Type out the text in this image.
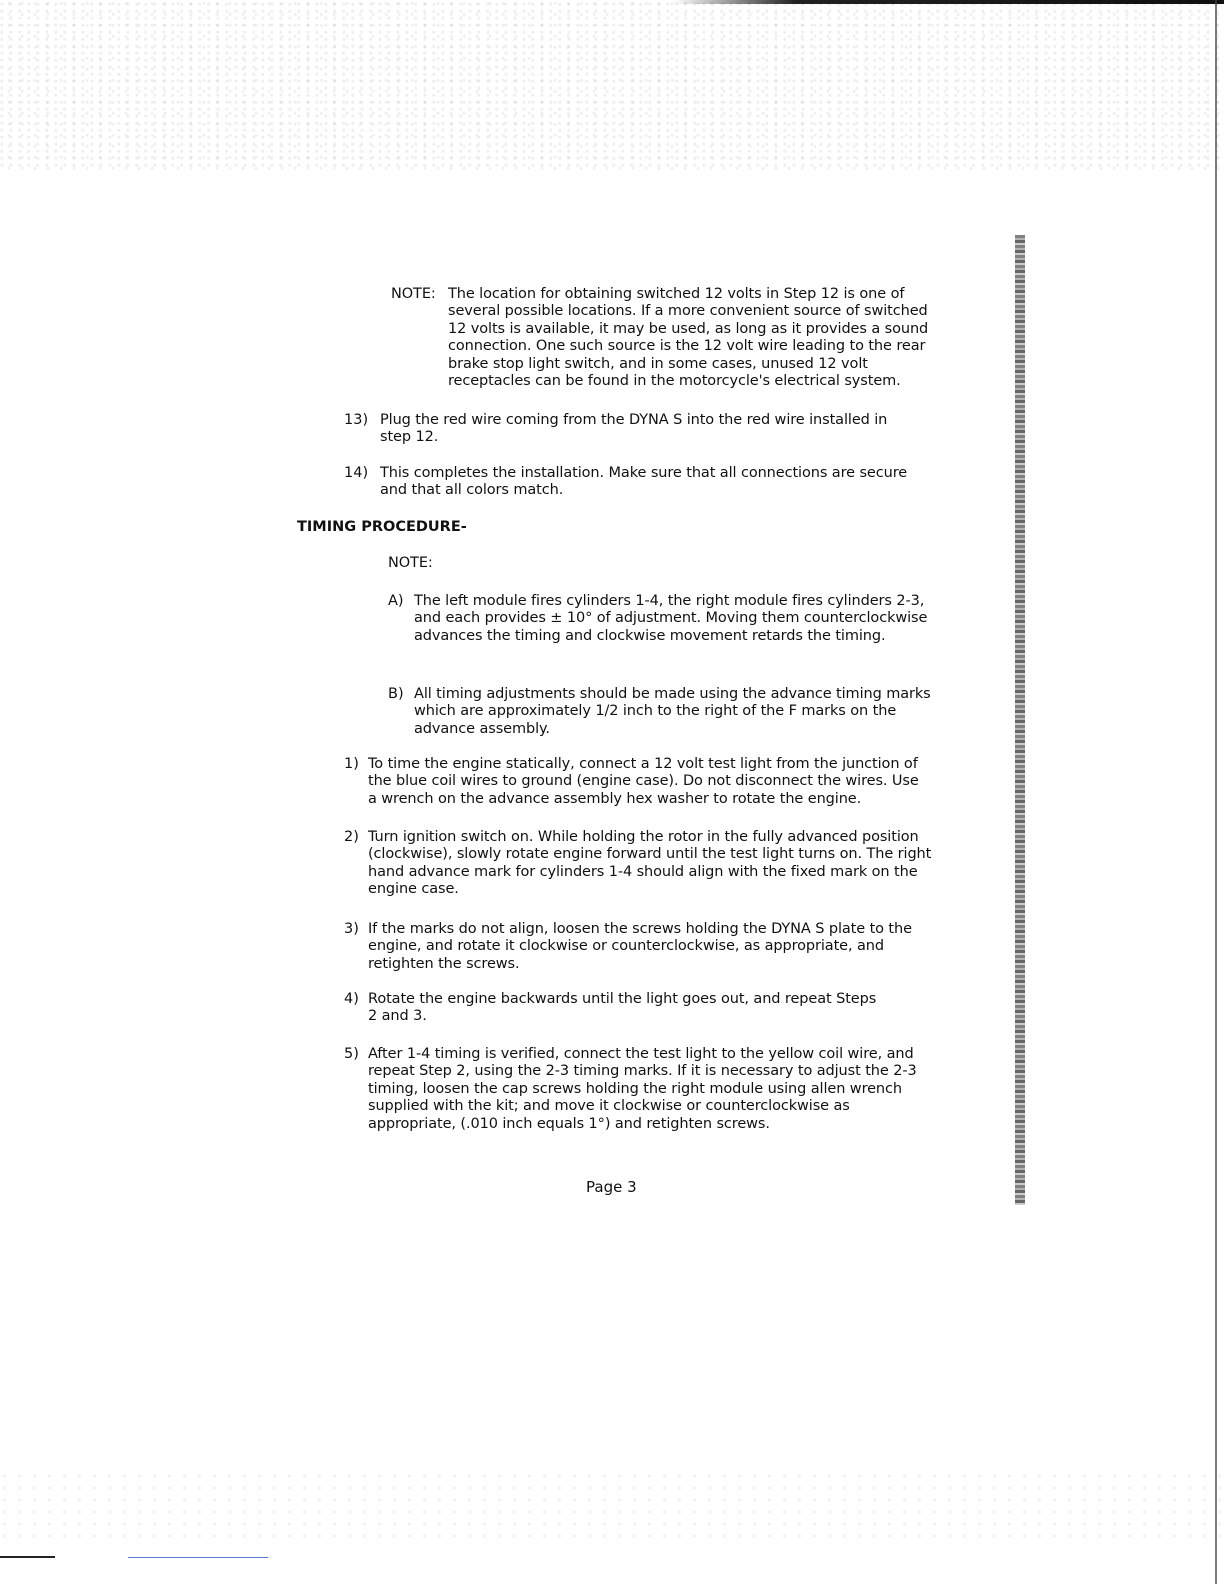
NOTE: The location for obtaining switched 12 volts in Step 12 is one of several possible locations. If a more convenient source of switched 12 volts is available, it may be used, as long as it provides a sound connection. One such source is the 12 volt wire leading to the rear brake stop light switch, and in some cases, unused 12 volt receptacles can be found in the motorcycle's electrical system.
13) Plug the red wire coming from the DYNA S into the red wire installed in step 12.
14) This completes the installation. Make sure that all connections are secure and that all colors match.
TIMING PROCEDURE-
NOTE:
A) The left module fires cylinders 1-4, the right module fires cylinders 2-3, and each provides ± 10° of adjustment. Moving them counterclockwise advances the timing and clockwise movement retards the timing.
B) All timing adjustments should be made using the advance timing marks which are approximately 1/2 inch to the right of the F marks on the advance assembly.
1) To time the engine statically, connect a 12 volt test light from the junction of the blue coil wires to ground (engine case). Do not disconnect the wires. Use a wrench on the advance assembly hex washer to rotate the engine.
2) Turn ignition switch on. While holding the rotor in the fully advanced position (clockwise), slowly rotate engine forward until the test light turns on. The right hand advance mark for cylinders 1-4 should align with the fixed mark on the engine case.
3) If the marks do not align, loosen the screws holding the DYNA S plate to the engine, and rotate it clockwise or counterclockwise, as appropriate, and retighten the screws.
4) Rotate the engine backwards until the light goes out, and repeat Steps 2 and 3.
5) After 1-4 timing is verified, connect the test light to the yellow coil wire, and repeat Step 2, using the 2-3 timing marks. If it is necessary to adjust the 2-3 timing, loosen the cap screws holding the right module using allen wrench supplied with the kit; and move it clockwise or counterclockwise as appropriate, (.010 inch equals 1°) and retighten screws.
Page 3
